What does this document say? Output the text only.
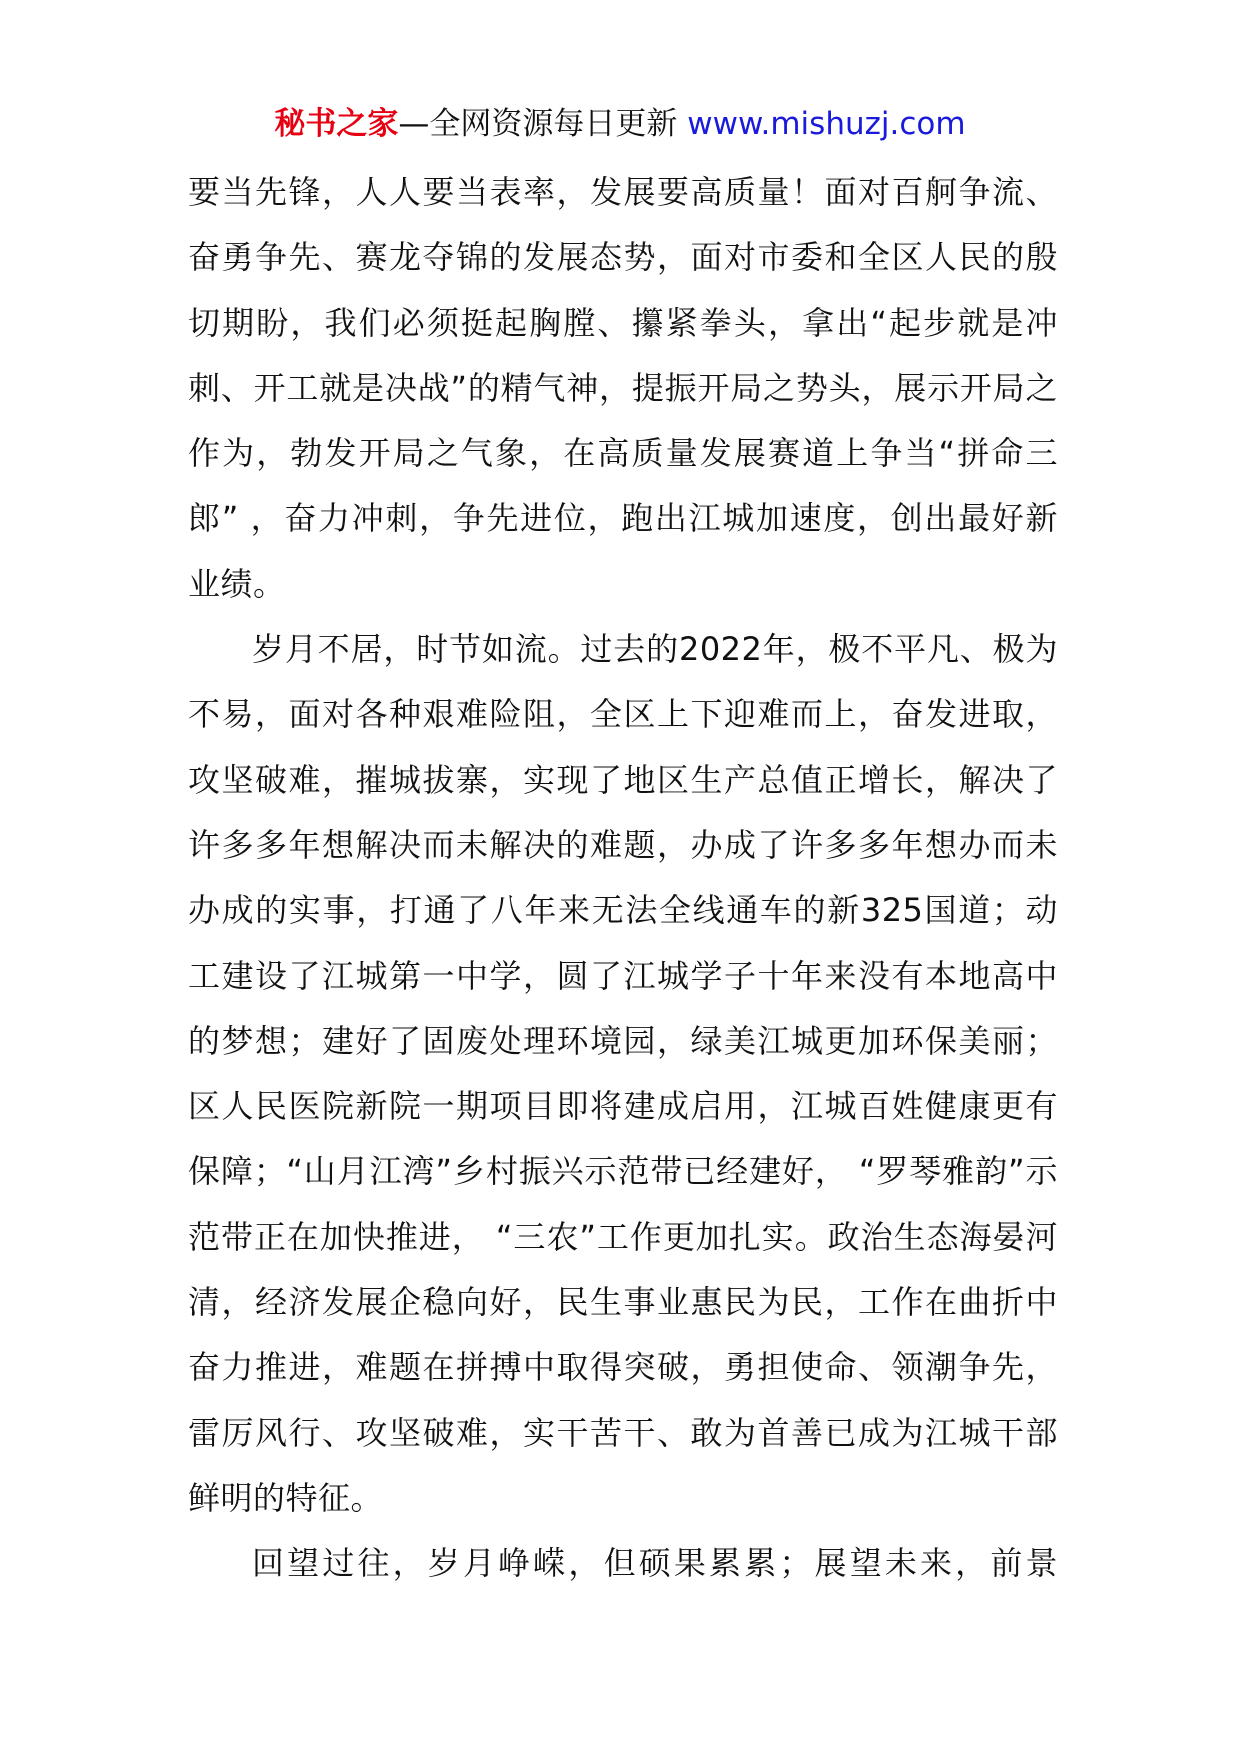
秘书之家—全网资源每日更新 www.mishuzj.com

要当先锋，人人要当表率，发展要高质量！面对百舸争流、奋勇争先、赛龙夺锦的发展态势，面对市委和全区人民的殷切期盼，我们必须挺起胸膛、攥紧拳头，拿出“起步就是冲刺、开工就是决战”的精气神，提振开局之势头，展示开局之作为，勃发开局之气象，在高质量发展赛道上争当“拼命三郎” ，奋力冲刺，争先进位，跑出江城加速度，创出最好新业绩。

岁月不居，时节如流。过去的2022年，极不平凡、极为不易，面对各种艰难险阻，全区上下迎难而上，奋发进取，攻坚破难，摧城拔寨，实现了地区生产总值正增长，解决了许多多年想解决而未解决的难题，办成了许多多年想办而未办成的实事，打通了八年来无法全线通车的新325国道；动工建设了江城第一中学，圆了江城学子十年来没有本地高中的梦想；建好了固废处理环境园，绿美江城更加环保美丽；区人民医院新院一期项目即将建成启用，江城百姓健康更有保障；“山月江湾”乡村振兴示范带已经建好， “罗琴雅韵”示范带正在加快推进， “三农”工作更加扎实。政治生态海晏河清，经济发展企稳向好，民生事业惠民为民，工作在曲折中奋力推进，难题在拼搏中取得突破，勇担使命、领潮争先，雷厉风行、攻坚破难，实干苦干、敢为首善已成为江城干部鲜明的特征。

回望过往，岁月峥嵘，但硕果累累；展望未来，前景
